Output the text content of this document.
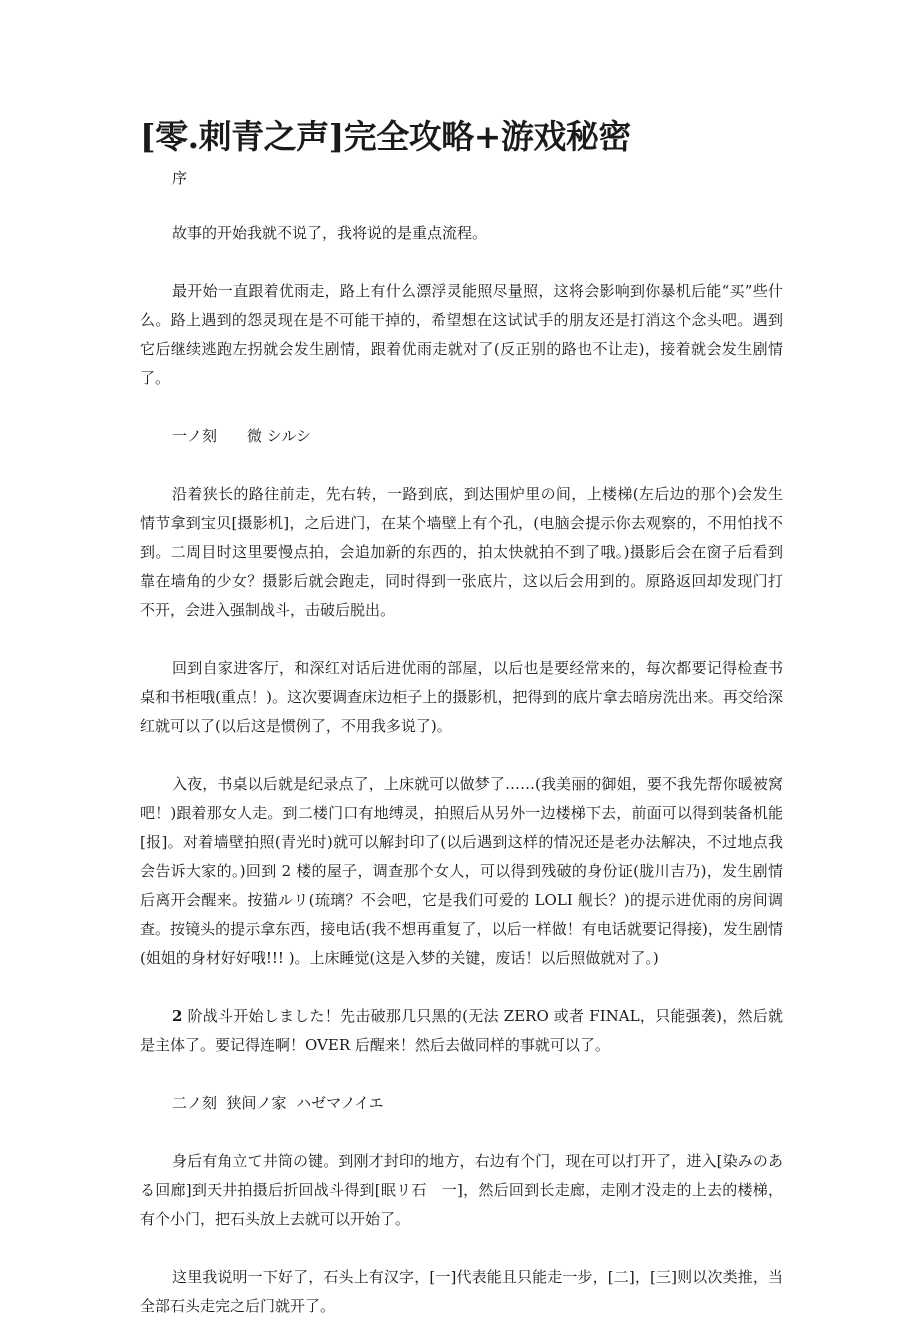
[零.刺青之声]完全攻略+游戏秘密

序

故事的开始我就不说了，我将说的是重点流程。

最开始一直跟着优雨走，路上有什么漂浮灵能照尽量照，这将会影响到你暴机后能“买”些什么。路上遇到的怨灵现在是不可能干掉的，希望想在这试试手的朋友还是打消这个念头吧。遇到它后继续逃跑左拐就会发生剧情，跟着优雨走就对了(反正别的路也不让走)，接着就会发生剧情了。

一ノ刻　　微 シルシ

沿着狭长的路往前走，先右转，一路到底，到达围炉里の间，上楼梯(左后边的那个)会发生情节拿到宝贝[摄影机]，之后进门，在某个墙壁上有个孔，(电脑会提示你去观察的，不用怕找不到。二周目时这里要慢点拍，会追加新的东西的，拍太快就拍不到了哦。)摄影后会在窗子后看到靠在墙角的少女？摄影后就会跑走，同时得到一张底片，这以后会用到的。原路返回却发现门打不开，会进入强制战斗，击破后脱出。

回到自家进客厅，和深红对话后进优雨的部屋，以后也是要经常来的，每次都要记得检查书桌和书柜哦(重点！)。这次要调查床边柜子上的摄影机，把得到的底片拿去暗房洗出来。再交给深红就可以了(以后这是惯例了，不用我多说了)。

入夜，书桌以后就是纪录点了，上床就可以做梦了……(我美丽的御姐，要不我先帮你暖被窝吧！)跟着那女人走。到二楼门口有地缚灵，拍照后从另外一边楼梯下去，前面可以得到装备机能[报]。对着墙壁拍照(青光时)就可以解封印了(以后遇到这样的情况还是老办法解决，不过地点我会告诉大家的。)回到 2 楼的屋子，调查那个女人，可以得到残破的身份证(胧川吉乃)，发生剧情后离开会醒来。按猫ルリ(琉璃？不会吧，它是我们可爱的 LOLI 舰长？)的提示进优雨的房间调查。按镜头的提示拿东西，接电话(我不想再重复了，以后一样做！有电话就要记得接)，发生剧情(姐姐的身材好好哦!!! )。上床睡觉(这是入梦的关键，废话！以后照做就对了。)

2 阶战斗开始しました！先击破那几只黑的(无法 ZERO 或者 FINAL，只能强袭)，然后就是主体了。要记得连啊！OVER 后醒来！然后去做同样的事就可以了。

二ノ刻  狭间ノ家  ハゼマノイエ

身后有角立て井筒の键。到刚才封印的地方，右边有个门，现在可以打开了，进入[染みのある回廊]到天井拍摄后折回战斗得到[眠リ石　一]，然后回到长走廊，走刚才没走的上去的楼梯，有个小门，把石头放上去就可以开始了。

这里我说明一下好了，石头上有汉字，[一]代表能且只能走一步，[二]，[三]则以次类推，当全部石头走完之后门就开了。
